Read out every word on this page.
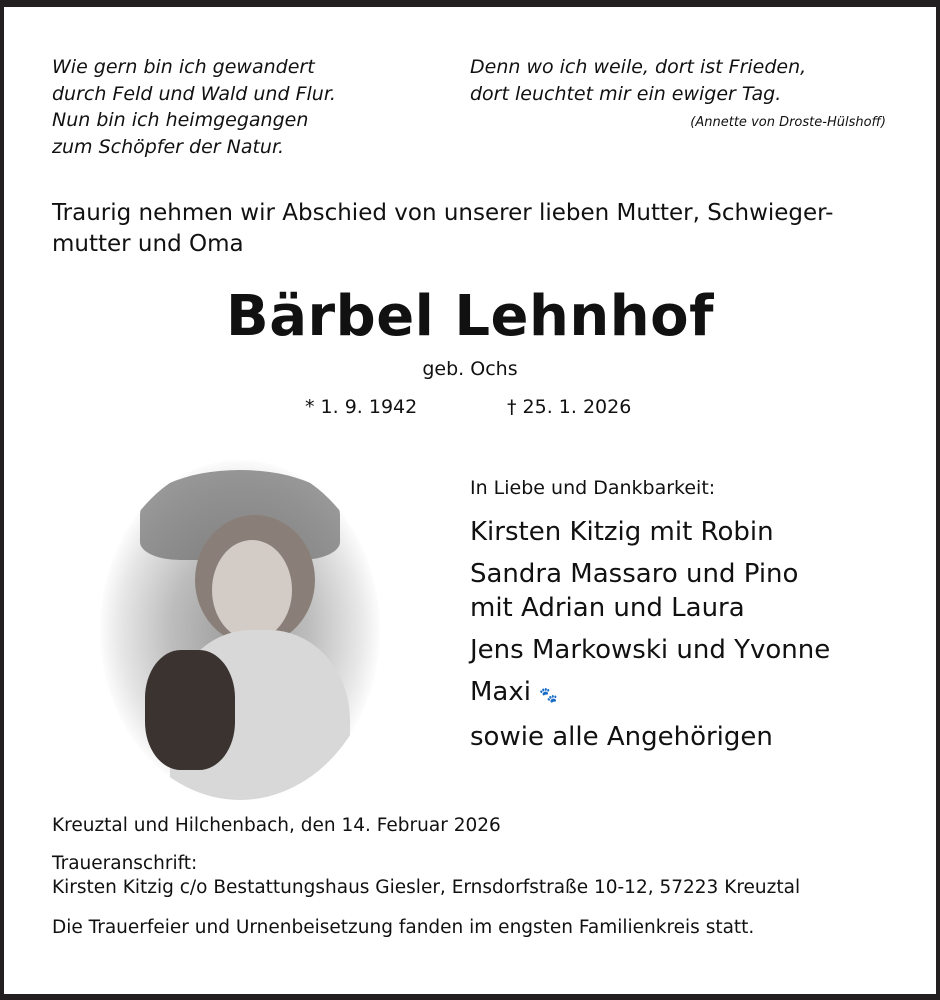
Wie gern bin ich gewandert
durch Feld und Wald und Flur.
Nun bin ich heimgegangen
zum Schöpfer der Natur.
Denn wo ich weile, dort ist Frieden,
dort leuchtet mir ein ewiger Tag.
(Annette von Droste-Hülshoff)
Traurig nehmen wir Abschied von unserer lieben Mutter, Schwieger-
mutter und Oma
Bärbel Lehnhof
geb. Ochs
* 1. 9. 1942	† 25. 1. 2026
In Liebe und Dankbarkeit:
Kirsten Kitzig mit Robin
Sandra Massaro und Pino
mit Adrian und Laura
Jens Markowski und Yvonne
Maxi 🐾
sowie alle Angehörigen
Kreuztal und Hilchenbach, den 14. Februar 2026
Traueranschrift:
Kirsten Kitzig c/o Bestattungshaus Giesler, Ernsdorfstraße 10-12, 57223 Kreuztal
Die Trauerfeier und Urnenbeisetzung fanden im engsten Familienkreis statt.
